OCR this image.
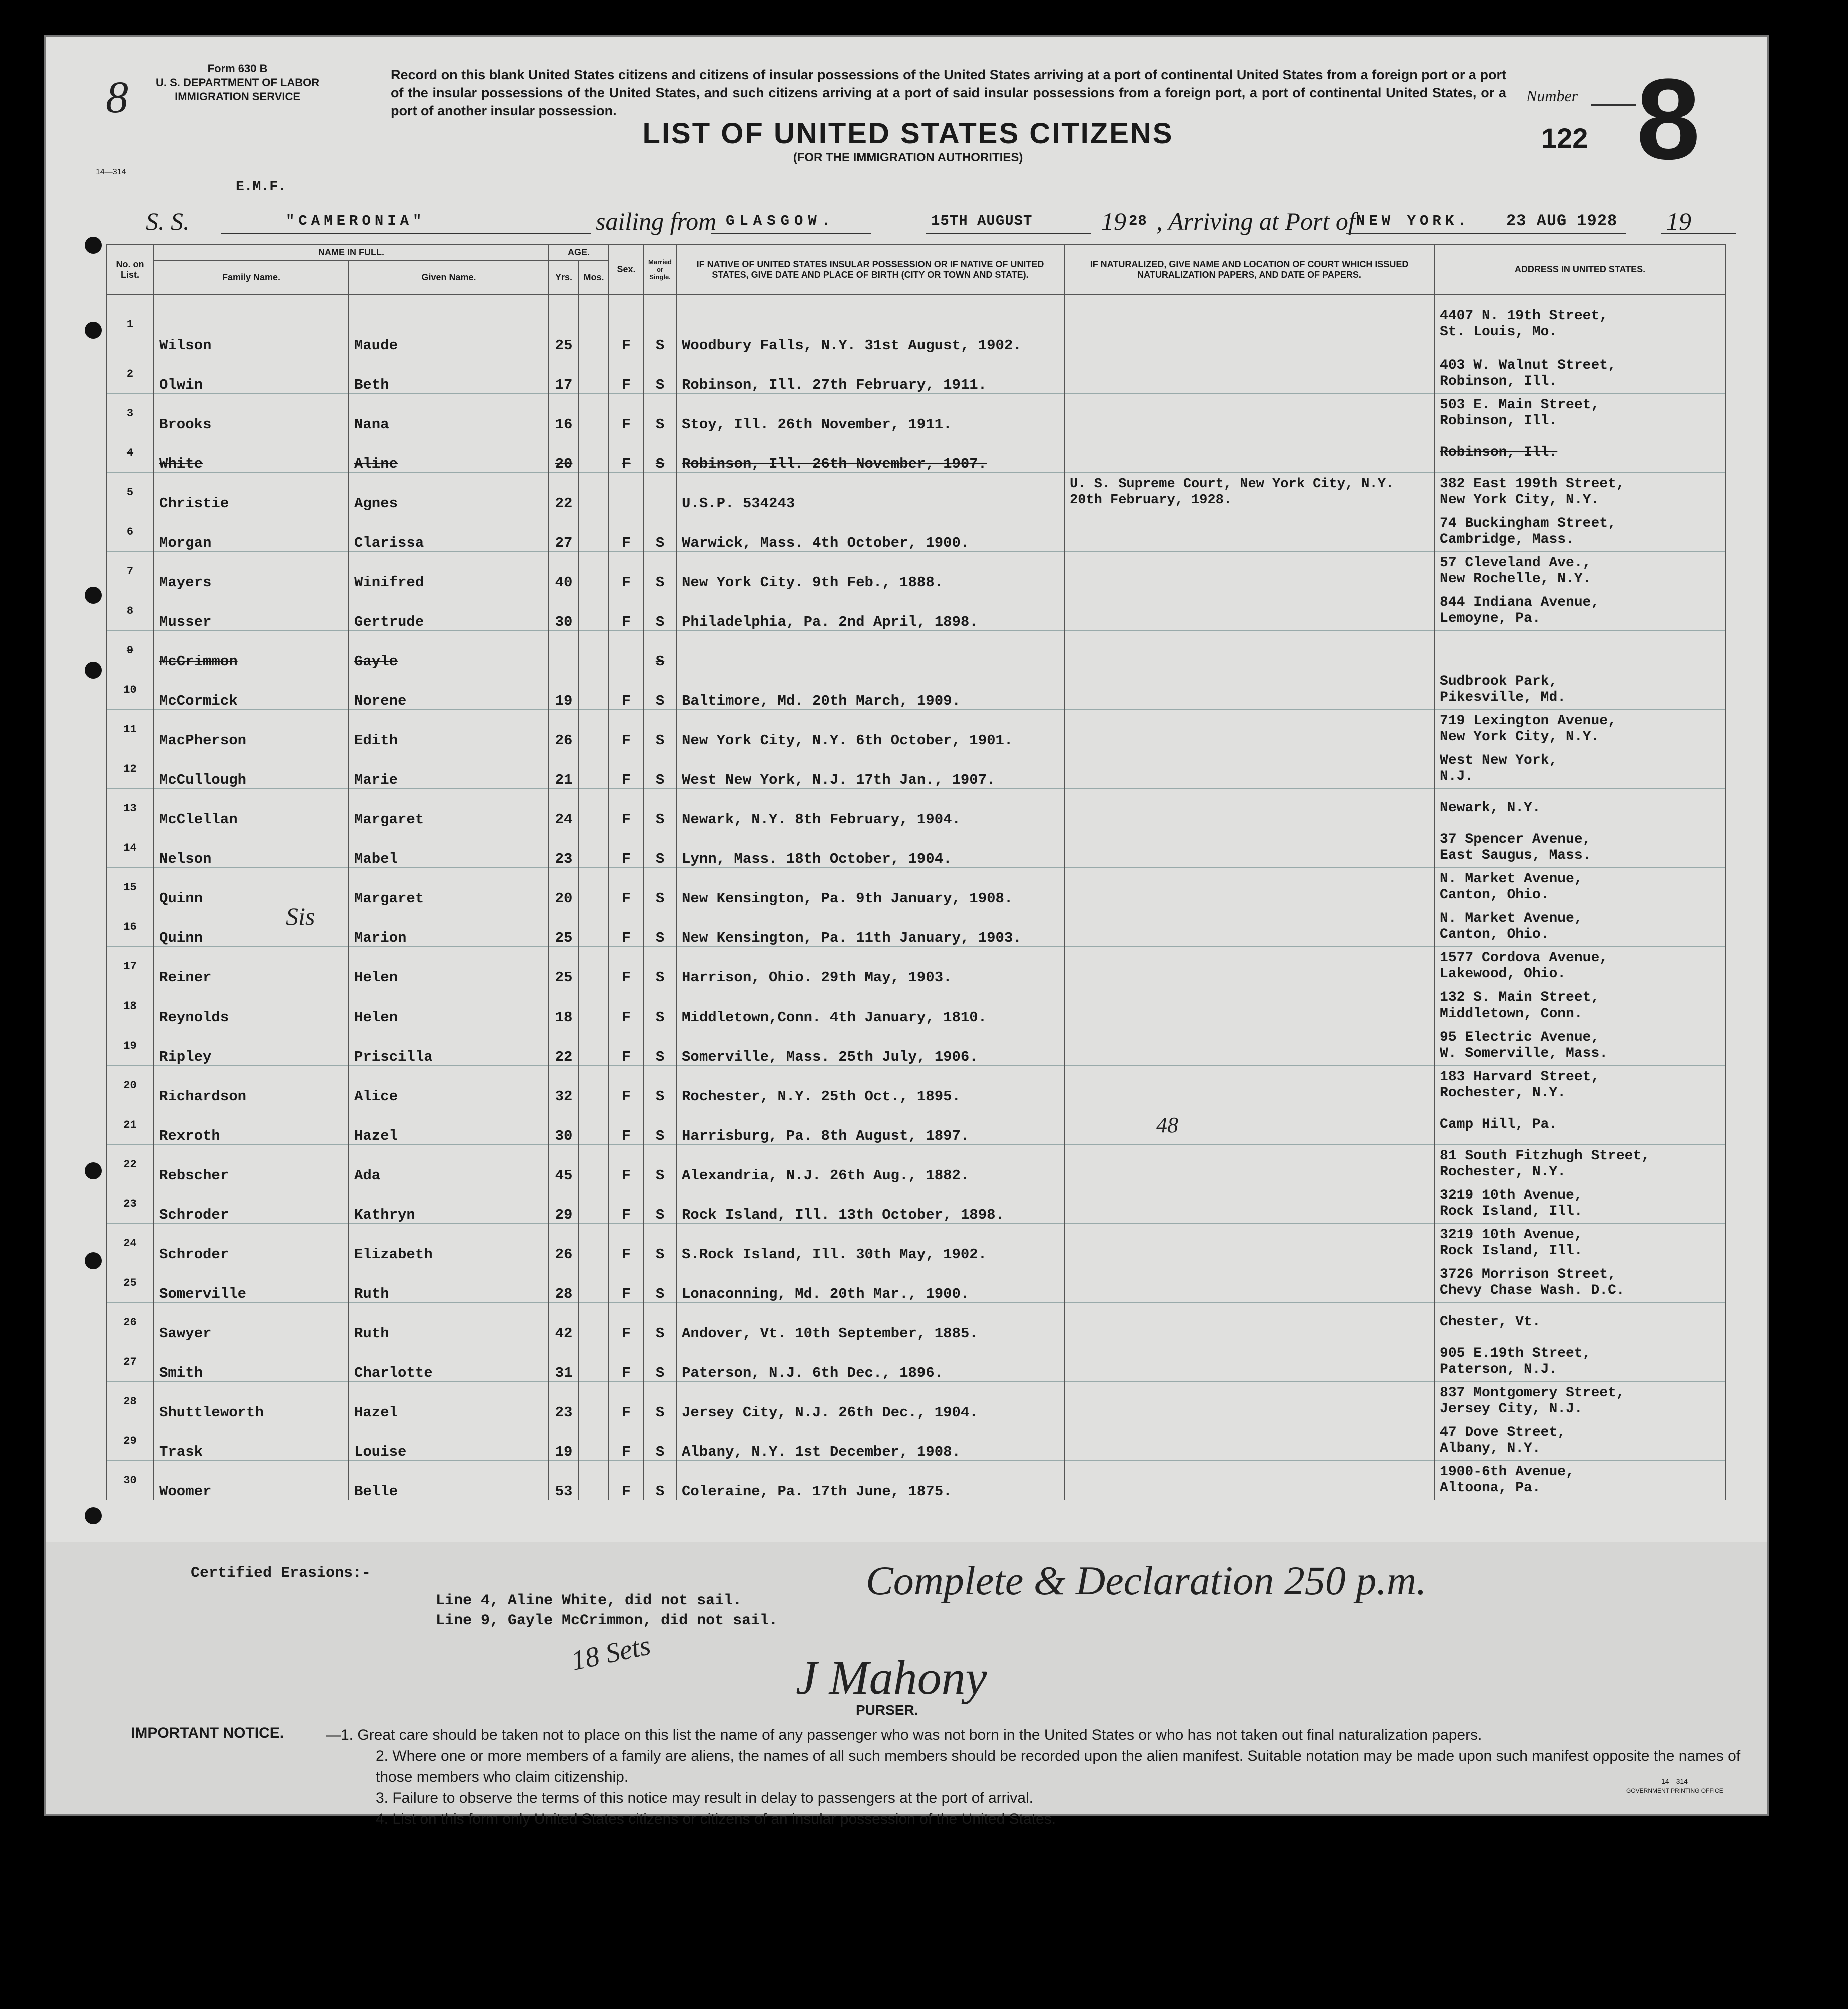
8
Form 630 B
U. S. DEPARTMENT OF LABOR
IMMIGRATION SERVICE
14—314
Record on this blank United States citizens and citizens of insular possessions of the United States arriving at a port of continental United States from a foreign port or a port of the insular possessions of the United States, and such citizens arriving at a port of said insular possessions from a foreign port, a port of continental United States, or a port of another insular possession.
LIST OF UNITED STATES CITIZENS
(FOR THE IMMIGRATION AUTHORITIES)
Number
122 8
E.M.F.
S. S.	"CAMERONIA"	sailing from GLASGOW.	15TH AUGUST	19 28 , Arriving at Port of NEW YORK. 23 AUG 1928 19
No. on List.	NAME IN FULL.		AGE.		Sex.	Married or Single.	IF NATIVE OF UNITED STATES INSULAR POSSESSION OR IF NATIVE OF UNITED STATES, GIVE DATE AND PLACE OF BIRTH (CITY OR TOWN AND STATE).	IF NATURALIZED, GIVE NAME AND LOCATION OF COURT WHICH ISSUED NATURALIZATION PAPERS, AND DATE OF PAPERS.	ADDRESS IN UNITED STATES.
	Family Name.	Given Name.	Yrs.	Mos.					
1	Wilson	Maude	25		F	S	Woodbury Falls, N.Y. 31st August, 1902.		4407 N. 19th Street,
St. Louis, Mo.

2	Olwin	Beth	17		F	S	Robinson, Ill. 27th February, 1911.		403 W. Walnut Street,
Robinson, Ill.

3	Brooks	Nana	16		F	S	Stoy, Ill. 26th November, 1911.		503 E. Main Street,
Robinson, Ill.

4	White	Aline	20		F	S	Robinson, Ill. 26th November, 1907.		Robinson, Ill.

5	Christie	Agnes	22				U.S.P. 534243	U. S. Supreme Court, New York City, N.Y. 20th February, 1928.	382 East 199th Street,
New York City, N.Y.

6	Morgan	Clarissa	27		F	S	Warwick, Mass. 4th October, 1900.		74 Buckingham Street,
Cambridge, Mass.

7	Mayers	Winifred	40		F	S	New York City. 9th Feb., 1888.		57 Cleveland Ave.,
New Rochelle, N.Y.

8	Musser	Gertrude	30		F	S	Philadelphia, Pa. 2nd April, 1898.		844 Indiana Avenue,
Lemoyne, Pa.

9	McCrimmon	Gayle				S			

10	McCormick	Norene	19		F	S	Baltimore, Md. 20th March, 1909.		Sudbrook Park,
Pikesville, Md.

11	MacPherson	Edith	26		F	S	New York City, N.Y. 6th October, 1901.		719 Lexington Avenue,
New York City, N.Y.

12	McCullough	Marie	21		F	S	West New York, N.J. 17th Jan., 1907.		West New York,
N.J.

13	McClellan	Margaret	24		F	S	Newark, N.Y. 8th February, 1904.		Newark, N.Y.

14	Nelson	Mabel	23		F	S	Lynn, Mass. 18th October, 1904.		37 Spencer Avenue,
East Saugus, Mass.

15	Quinn	Margaret	20		F	S	New Kensington, Pa. 9th January, 1908.		N. Market Avenue,
Canton, Ohio.

16	Quinn	Marion	25		F	S	New Kensington, Pa. 11th January, 1903.		N. Market Avenue,
Canton, Ohio.

17	Reiner	Helen	25		F	S	Harrison, Ohio. 29th May, 1903.		1577 Cordova Avenue,
Lakewood, Ohio.

18	Reynolds	Helen	18		F	S	Middletown,Conn. 4th January, 1810.		132 S. Main Street,
Middletown, Conn.

19	Ripley	Priscilla	22		F	S	Somerville, Mass. 25th July, 1906.		95 Electric Avenue,
W. Somerville, Mass.

20	Richardson	Alice	32		F	S	Rochester, N.Y. 25th Oct., 1895.		183 Harvard Street,
Rochester, N.Y.

21	Rexroth	Hazel	30		F	S	Harrisburg, Pa. 8th August, 1897.		Camp Hill, Pa.

22	Rebscher	Ada	45		F	S	Alexandria, N.J. 26th Aug., 1882.		81 South Fitzhugh Street,
Rochester, N.Y.

23	Schroder	Kathryn	29		F	S	Rock Island, Ill. 13th October, 1898.		3219 10th Avenue,
Rock Island, Ill.

24	Schroder	Elizabeth	26		F	S	S.Rock Island, Ill. 30th May, 1902.		3219 10th Avenue,
Rock Island, Ill.

25	Somerville	Ruth	28		F	S	Lonaconning, Md. 20th Mar., 1900.		3726 Morrison Street,
Chevy Chase Wash. D.C.

26	Sawyer	Ruth	42		F	S	Andover, Vt. 10th September, 1885.		Chester, Vt.

27	Smith	Charlotte	31		F	S	Paterson, N.J. 6th Dec., 1896.		905 E.19th Street,
Paterson, N.J.

28	Shuttleworth	Hazel	23		F	S	Jersey City, N.J. 26th Dec., 1904.		837 Montgomery Street,
Jersey City, N.J.

29	Trask	Louise	19		F	S	Albany, N.Y. 1st December, 1908.		47 Dove Street,
Albany, N.Y.

30	Woomer	Belle	53		F	S	Coleraine, Pa. 17th June, 1875.		1900-6th Avenue,
Altoona, Pa.
Sis
48
Certified Erasions:-
Line 4, Aline White, did not sail.
Line 9, Gayle McCrimmon, did not sail.
Complete & Declaration 250 p.m.
18 Sets	J Mahony
PURSER.
IMPORTANT NOTICE.	—1. Great care should be taken not to place on this list the name of any passenger who was not born in the United States or who has not taken out final naturalization papers.
2. Where one or more members of a family are aliens, the names of all such members should be recorded upon the alien manifest. Suitable notation may be made upon such manifest opposite the names of those members who claim citizenship.
3. Failure to observe the terms of this notice may result in delay to passengers at the port of arrival.
4. List on this form only United States citizens or citizens of an insular possession of the United States.
GOVERNMENT PRINTING OFFICE
14—314
